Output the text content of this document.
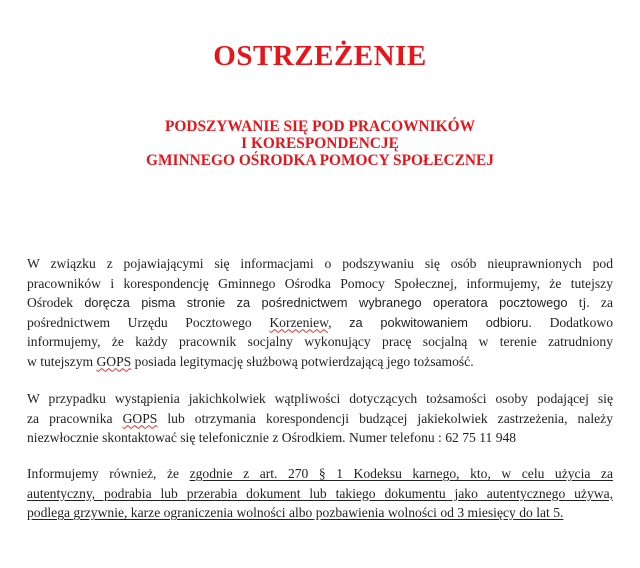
OSTRZEŻENIE
PODSZYWANIE SIĘ POD PRACOWNIKÓW
I KORESPONDENCJĘ
GMINNEGO OŚRODKA POMOCY SPOŁECZNEJ
W związku z pojawiającymi się informacjami o podszywaniu się osób nieuprawnionych pod
pracowników i korespondencję Gminnego Ośrodka Pomocy Społecznej, informujemy, że tutejszy
Ośrodek doręcza pisma stronie za pośrednictwem wybranego operatora pocztowego tj. za
pośrednictwem Urzędu Pocztowego Korzeniew, za pokwitowaniem odbioru. Dodatkowo
informujemy, że każdy pracownik socjalny wykonujący pracę socjalną w terenie zatrudniony
w tutejszym GOPS posiada legitymację służbową potwierdzającą jego tożsamość.
W przypadku wystąpienia jakichkolwiek wątpliwości dotyczących tożsamości osoby podającej się
za pracownika GOPS lub otrzymania korespondencji budzącej jakiekolwiek zastrzeżenia, należy
niezwłocznie skontaktować się telefonicznie z Ośrodkiem. Numer telefonu : 62 75 11 948
Informujemy również, że zgodnie z art. 270 § 1 Kodeksu karnego, kto, w celu użycia za
autentyczny, podrabia lub przerabia dokument lub takiego dokumentu jako autentycznego używa,
podlega grzywnie, karze ograniczenia wolności albo pozbawienia wolności od 3 miesięcy do lat 5.
